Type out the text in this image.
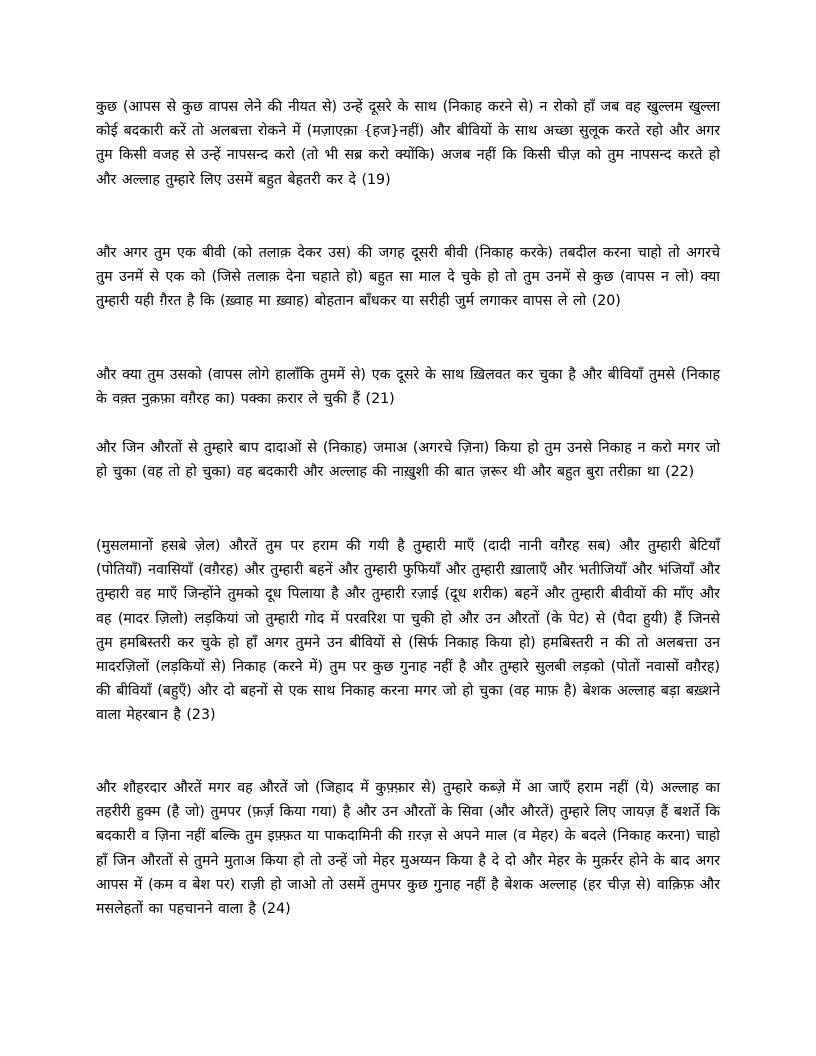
कुछ (आपस से कुछ वापस लेने की नीयत से) उन्हें दूसरे के साथ (निकाह करने से) न रोको हाँ जब वह खुल्लम खुल्ला कोई बदकारी करें तो अलबत्ता रोकने में (मज़ाएक़ा {हज}नहीं) और बीवियों के साथ अच्छा सुलूक करते रहो और अगर तुम किसी वजह से उन्हें नापसन्द करो (तो भी सब्र करो क्योंकि) अजब नहीं कि किसी चीज़ को तुम नापसन्द करते हो और अल्लाह तुम्हारे लिए उसमें बहुत बेहतरी कर दे (19)

और अगर तुम एक बीवी (को तलाक़ देकर उस) की जगह दूसरी बीवी (निकाह करके) तबदील करना चाहो तो अगरचे तुम उनमें से एक को (जिसे तलाक़ देना चहाते हो) बहुत सा माल दे चुके हो तो तुम उनमें से कुछ (वापस न लो) क्या तुम्हारी यही ग़ैरत है कि (ख़्वाह मा ख़्वाह) बोहतान बाँधकर या सरीही जुर्म लगाकर वापस ले लो (20)

और क्या तुम उसको (वापस लोगे हालाँकि तुममें से) एक दूसरे के साथ ख़िलवत कर चुका है और बीवियाँ तुमसे (निकाह के वक़्त नुक़फ़ा वग़ैरह का) पक्का क़रार ले चुकी हैं (21)

और जिन औरतों से तुम्हारे बाप दादाओं से (निकाह) जमाअ (अगरचे ज़िना) किया हो तुम उनसे निकाह न करो मगर जो हो चुका (वह तो हो चुका) वह बदकारी और अल्लाह की नाख़ुशी की बात ज़रूर थी और बहुत बुरा तरीक़ा था (22)

(मुसलमानों हसबे ज़ेल) औरतें तुम पर हराम की गयी है तुम्हारी माएँ (दादी नानी वग़ैरह सब) और तुम्हारी बेटियाँ (पोतियाँ) नवासियाँ (वग़ैरह) और तुम्हारी बहनें और तुम्हारी फुफियाँ और तुम्हारी ख़ालाएँ और भतीजियाँ और भंजियाँ और तुम्हारी वह माएँ जिन्होंने तुमको दूध पिलाया है और तुम्हारी रज़ाई (दूध शरीक) बहनें और तुम्हारी बीवीयों की माँए और वह (मादर ज़िलो) लड़कियां जो तुम्हारी गोद में परवरिश पा चुकी हो और उन औरतों (के पेट) से (पैदा हुयी) हैं जिनसे तुम हमबिस्तरी कर चुके हो हाँ अगर तुमने उन बीवियों से (सिर्फ निकाह किया हो) हमबिस्तरी न की तो अलबत्ता उन मादरज़िलों (लड़कियों से) निकाह (करने में) तुम पर कुछ गुनाह नहीं है और तुम्हारे सुलबी लड़को (पोतों नवासों वग़ैरह) की बीवियाँ (बहुएँ) और दो बहनों से एक साथ निकाह करना मगर जो हो चुका (वह माफ़ है) बेशक अल्लाह बड़ा बख़्शने वाला मेहरबान है (23)

और शौहरदार औरतें मगर वह औरतें जो (जिहाद में कुफ़्फ़ार से) तुम्हारे कब्ज़े में आ जाएँ हराम नहीं (ये) अल्लाह का तहरीरी हुक्म (है जो) तुमपर (फ़र्ज़ किया गया) है और उन औरतों के सिवा (और औरतें) तुम्हारे लिए जायज़ हैं बशर्ते कि बदकारी व ज़िना नहीं बल्कि तुम इफ़्फ़त या पाकदामिनी की ग़रज़ से अपने माल (व मेहर) के बदले (निकाह करना) चाहो हाँ जिन औरतों से तुमने मुताअ किया हो तो उन्हें जो मेहर मुअय्यन किया है दे दो और मेहर के मुक़र्रर होने के बाद अगर आपस में (कम व बेश पर) राज़ी हो जाओ तो उसमें तुमपर कुछ गुनाह नहीं है बेशक अल्लाह (हर चीज़ से) वाक़िफ़ और मसलेहतों का पहचानने वाला है (24)
